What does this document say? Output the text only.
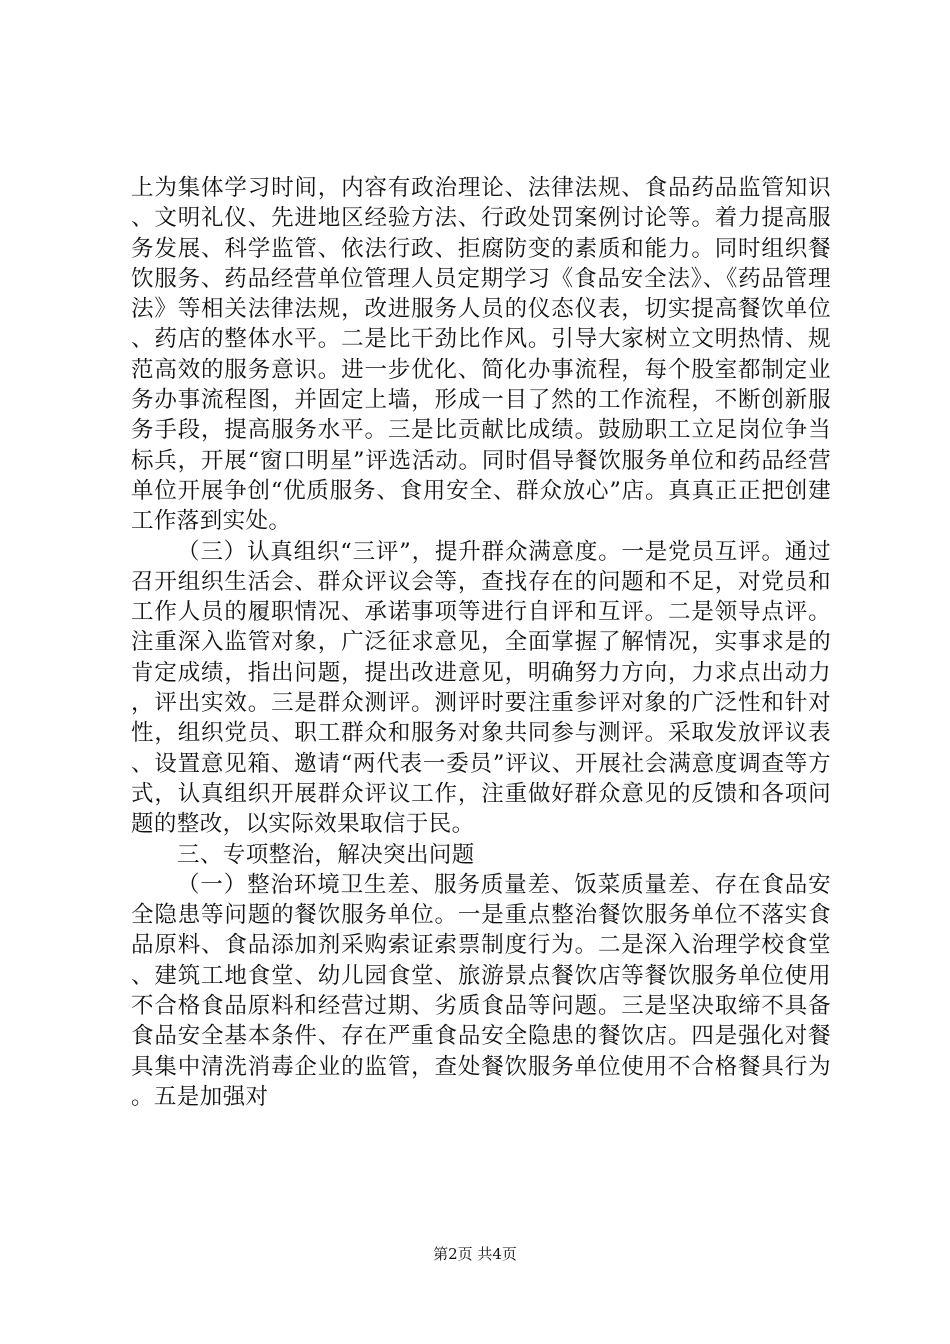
上为集体学习时间，内容有政治理论、法律法规、食品药品监管知识、文明礼仪、先进地区经验方法、行政处罚案例讨论等。着力提高服务发展、科学监管、依法行政、拒腐防变的素质和能力。同时组织餐饮服务、药品经营单位管理人员定期学习《食品安全法》、《药品管理法》等相关法律法规，改进服务人员的仪态仪表，切实提高餐饮单位、药店的整体水平。二是比干劲比作风。引导大家树立文明热情、规范高效的服务意识。进一步优化、简化办事流程，每个股室都制定业务办事流程图，并固定上墙，形成一目了然的工作流程，不断创新服务手段，提高服务水平。三是比贡献比成绩。鼓励职工立足岗位争当标兵，开展“窗口明星”评选活动。同时倡导餐饮服务单位和药品经营单位开展争创“优质服务、食用安全、群众放心”店。真真正正把创建工作落到实处。

（三）认真组织“三评”，提升群众满意度。一是党员互评。通过召开组织生活会、群众评议会等，查找存在的问题和不足，对党员和工作人员的履职情况、承诺事项等进行自评和互评。二是领导点评。注重深入监管对象，广泛征求意见，全面掌握了解情况，实事求是的肯定成绩，指出问题，提出改进意见，明确努力方向，力求点出动力，评出实效。三是群众测评。测评时要注重参评对象的广泛性和针对性，组织党员、职工群众和服务对象共同参与测评。采取发放评议表、设置意见箱、邀请“两代表一委员”评议、开展社会满意度调查等方式，认真组织开展群众评议工作，注重做好群众意见的反馈和各项问题的整改，以实际效果取信于民。

三、专项整治，解决突出问题

（一）整治环境卫生差、服务质量差、饭菜质量差、存在食品安全隐患等问题的餐饮服务单位。一是重点整治餐饮服务单位不落实食品原料、食品添加剂采购索证索票制度行为。二是深入治理学校食堂、建筑工地食堂、幼儿园食堂、旅游景点餐饮店等餐饮服务单位使用不合格食品原料和经营过期、劣质食品等问题。三是坚决取缔不具备食品安全基本条件、存在严重食品安全隐患的餐饮店。四是强化对餐具集中清洗消毒企业的监管，查处餐饮服务单位使用不合格餐具行为。五是加强对

第2页 共4页
